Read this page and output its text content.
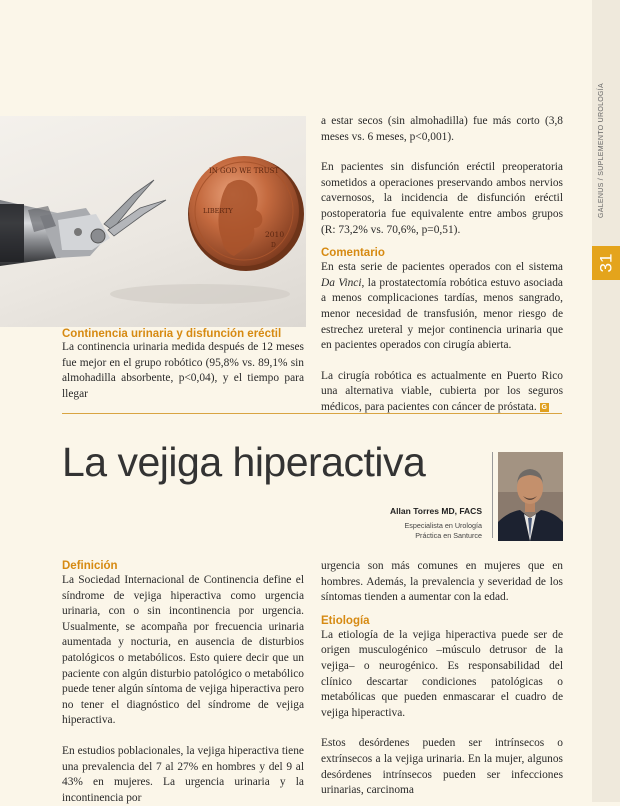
GALENUS / SUPLEMENTO UROLOGÍA
31
IN GOD WE TRUST
LIBERTY
2010
D
Continencia urinaria y disfunción eréctil
La continencia urinaria medida después de 12 meses fue mejor en el grupo robótico (95,8% vs. 89,1% sin almohadilla absorbente, p<0,04), y el tiempo para llegar

a estar secos (sin almohadilla) fue más corto (3,8 meses vs. 6 meses, p<0,001).

En pacientes sin disfunción eréctil preoperatoria sometidos a operaciones preservando ambos nervios cavernosos, la incidencia de disfunción eréctil postoperatoria fue equivalente entre ambos grupos (R: 73,2% vs. 70,6%, p=0,51).

Comentario

En esta serie de pacientes operados con el sistema Da Vinci, la prostatectomía robótica estuvo asociada a menos complicaciones tardías, menos sangrado, menor necesidad de transfusión, menor riesgo de estrechez ureteral y mejor continencia urinaria que en pacientes operados con cirugía abierta.

La cirugía robótica es actualmente en Puerto Rico una alternativa viable, cubierta por los seguros médicos, para pacientes con cáncer de próstata. G

La vejiga hiperactiva
Allan Torres MD, FACS
Especialista en Urología
Práctica en Santurce
Definición

La Sociedad Internacional de Continencia define el síndrome de vejiga hiperactiva como urgencia urinaria, con o sin incontinencia por urgencia. Usualmente, se acompaña por frecuencia urinaria aumentada y nocturia, en ausencia de disturbios patológicos o metabólicos. Esto quiere decir que un paciente con algún disturbio patológico o metabólico puede tener algún síntoma de vejiga hiperactiva pero no tener el diagnóstico del síndrome de vejiga hiperactiva.

En estudios poblacionales, la vejiga hiperactiva tiene una prevalencia del 7 al 27% en hombres y del 9 al 43% en mujeres. La urgencia urinaria y la incontinencia por

urgencia son más comunes en mujeres que en hombres. Además, la prevalencia y severidad de los síntomas tienden a aumentar con la edad.

Etiología

La etiología de la vejiga hiperactiva puede ser de origen musculogénico –músculo detrusor de la vejiga– o neurogénico. Es responsabilidad del clínico descartar condiciones patológicas o metabólicas que pueden enmascarar el cuadro de vejiga hiperactiva.

Estos desórdenes pueden ser intrínsecos o extrínsecos a la vejiga urinaria. En la mujer, algunos desórdenes intrínsecos pueden ser infecciones urinarias, carcinoma
